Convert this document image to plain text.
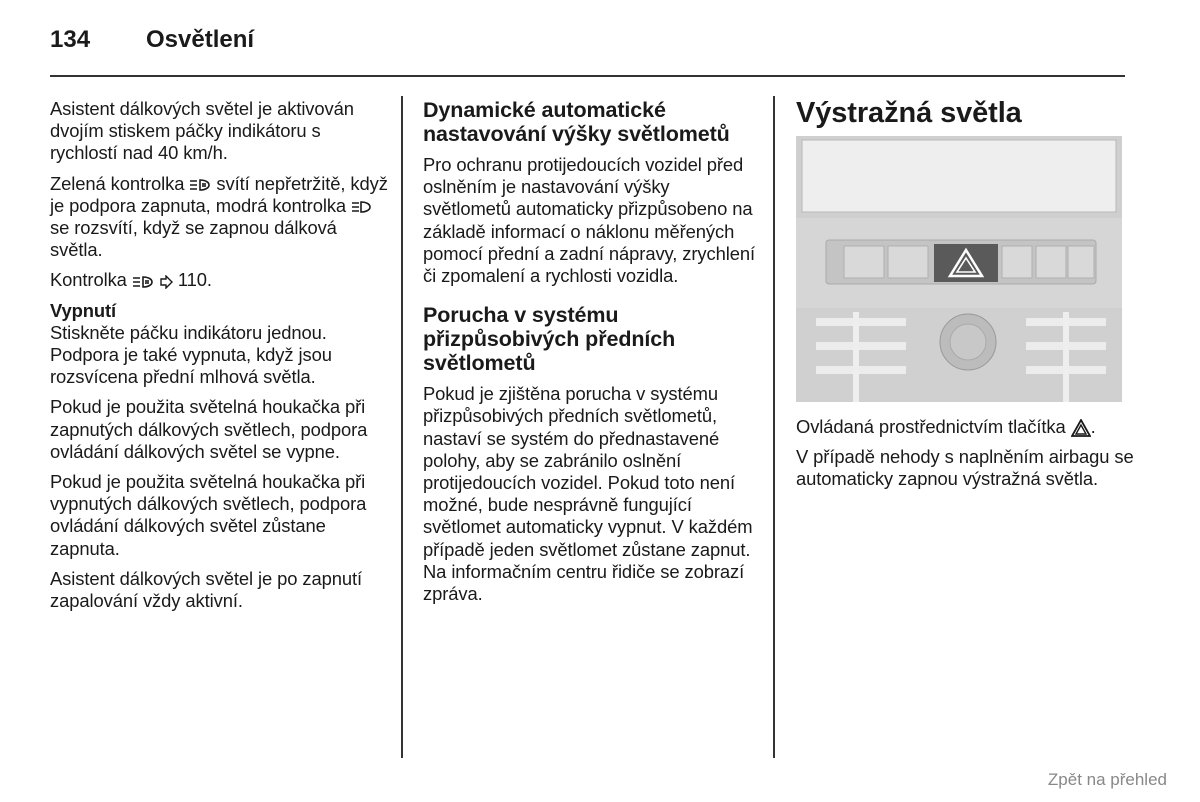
134 Osvětlení

Asistent dálkových světel je aktivován dvojím stiskem páčky indikátoru s rychlostí nad 40 km/h.

Zelená kontrolka  svítí nepřetržitě, když je podpora zapnuta, modrá kontrolka  se rozsvítí, když se zapnou dálková světla.

Kontrolka	110.

Vypnutí

Stiskněte páčku indikátoru jednou. Podpora je také vypnuta, když jsou rozsvícena přední mlhová světla.

Pokud je použita světelná houkačka při zapnutých dálkových světlech, podpora ovládání dálkových světel se vypne.

Pokud je použita světelná houkačka při vypnutých dálkových světlech, podpora ovládání dálkových světel zůstane zapnuta.

Asistent dálkových světel je po zapnutí zapalování vždy aktivní.

Dynamické automatické nastavování výšky světlometů

Pro ochranu protijedoucích vozidel před oslněním je nastavování výšky světlometů automaticky přizpůsobeno na základě informací o náklonu měřených pomocí přední a zadní nápravy, zrychlení či zpomalení a rychlosti vozidla.

Porucha v systému přizpůsobivých předních světlometů

Pokud je zjištěna porucha v systému přizpůsobivých předních světlometů, nastaví se systém do přednastavené polohy, aby se zabránilo oslnění protijedoucích vozidel. Pokud toto není možné, bude nesprávně fungující světlomet automaticky vypnut. V každém případě jeden světlomet zůstane zapnut. Na informačním centru řidiče se zobrazí zpráva.

Výstražná světla

Ovládaná prostřednictvím tlačítka .

V případě nehody s naplněním airbagu se automaticky zapnou výstražná světla.

Zpět na přehled
